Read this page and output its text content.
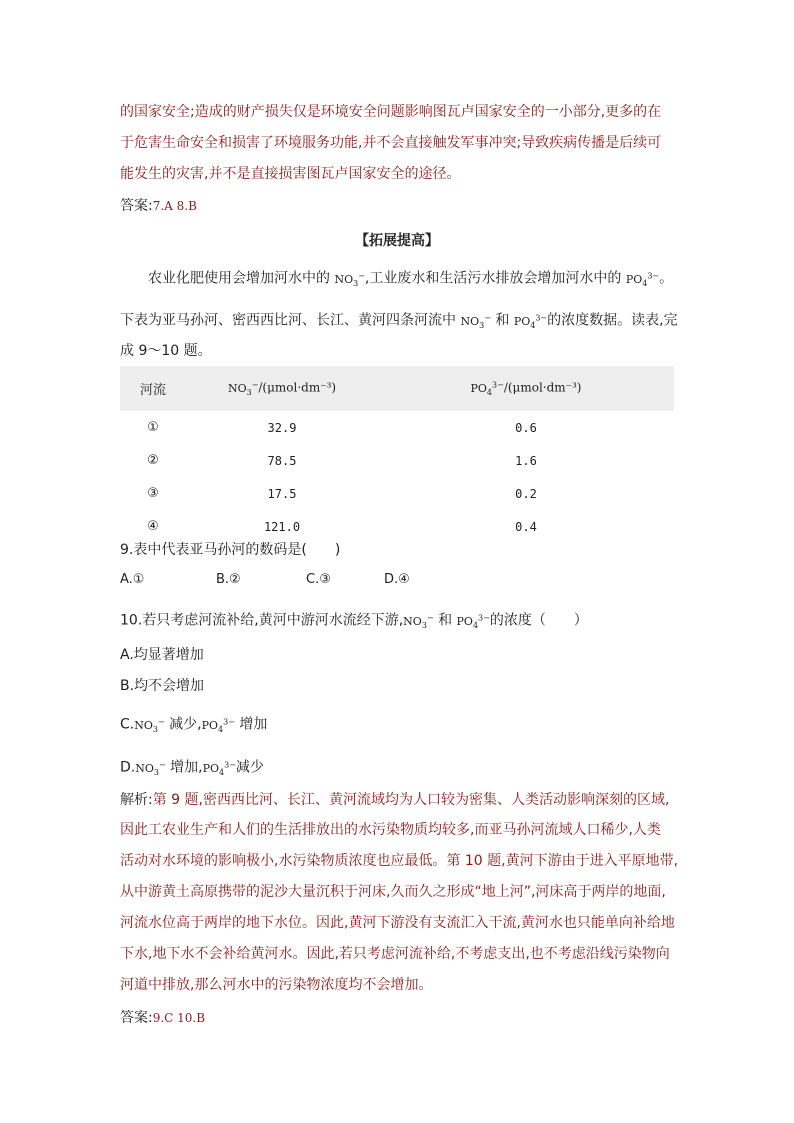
的国家安全;造成的财产损失仅是环境安全问题影响图瓦卢国家安全的一小部分,更多的在
于危害生命安全和损害了环境服务功能,并不会直接触发军事冲突;导致疾病传播是后续可
能发生的灾害,并不是直接损害图瓦卢国家安全的途径。
答案:7.A 8.B
【拓展提高】
农业化肥使用会增加河水中的 $NO_3^-$,工业废水和生活污水排放会增加河水中的 $PO_4^{3-}$。
下表为亚马孙河、密西西比河、长江、黄河四条河流中 $NO_3^-$ 和 $PO_4^{3-}$的浓度数据。读表,完
成 9～10 题。
河流	$NO_3^-/(\mu mol\cdot dm^{-3})$	$PO_4^{3-}/(\mu mol\cdot dm^{-3})$
①	32.9	0.6
②	78.5	1.6
③	17.5	0.2
④	121.0	0.4
9.表中代表亚马孙河的数码是(　　)
A.①	B.②	C.③	D.④
10.若只考虑河流补给,黄河中游河水流经下游$,NO_3^-$ 和 $PO_4^{3-}$的浓度（　　）
A.均显著增加
B.均不会增加
$C.NO_3^-$ 减少$,PO_4^{3-}$ 增加
$D.NO_3^-$ 增加$,PO_4^{3-}$减少
解析:第 9 题,密西西比河、长江、黄河流域均为人口较为密集、人类活动影响深刻的区域,
因此工农业生产和人们的生活排放出的水污染物质均较多,而亚马孙河流域人口稀少,人类
活动对水环境的影响极小,水污染物质浓度也应最低。第 10 题,黄河下游由于进入平原地带,
从中游黄土高原携带的泥沙大量沉积于河床,久而久之形成“地上河”,河床高于两岸的地面,
河流水位高于两岸的地下水位。因此,黄河下游没有支流汇入干流,黄河水也只能单向补给地
下水,地下水不会补给黄河水。因此,若只考虑河流补给,不考虑支出,也不考虑沿线污染物向
河道中排放,那么河水中的污染物浓度均不会增加。
答案:9.C 10.B
